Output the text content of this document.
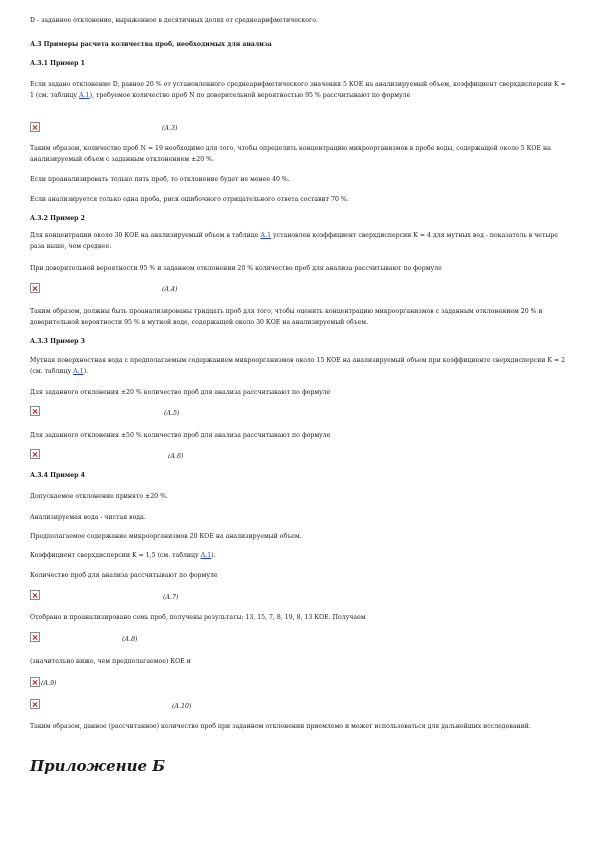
D - заданное отклонение, выраженное в десятичных долях от среднеарифметического.

А.3 Примеры расчета количества проб, необходимых для анализа

А.3.1 Пример 1

Если задано отклонение D, равное 20 % от установленного среднеарифметического значения 5 КОЕ на анализируемый объем, коэффициент сверхдисперсии K = 1 (см. таблицу А.1), требуемое количество проб N по доверительной вероятностью 95 % рассчитывают по формуле

(А.3)

Таким образом, количество проб N = 19 необходимо для того, чтобы определить концентрацию микроорганизмов в пробе воды, содержащей около 5 КОЕ на анализируемый объем с заданным отклонением ±20 %.

Если проанализировать только пять проб, то отклонение будет не менее 40 %.

Если анализируется только одна проба, риск ошибочного отрицательного ответа составит 70 %.

А.3.2 Пример 2

Для концентрации около 30 КОЕ на анализируемый объем в таблице А.1 установлен коэффициент сверхдисперсии K = 4 для мутных вод - показатель в четыре раза выше, чем среднее.

При доверительной вероятности 95 % и заданном отклонении 20 % количество проб для анализа рассчитывают по формуле

(А.4)

Таким образом, должны быть проанализированы тридцать проб для того, чтобы оценить концентрацию микроорганизмов с заданным отклонением 20 % и доверительной вероятности 95 % в мутной воде, содержащей около 30 КОЕ на анализируемый объем.

А.3.3 Пример 3

Мутная поверхностная вода с предполагаемым содержанием микроорганизмов около 15 КОЕ на анализируемый объем при коэффициенте сверхдисперсии K = 2 (см. таблицу А.1).

Для заданного отклонения ±20 % количество проб для анализа рассчитывают по формуле

(А.5)

Для заданного отклонения ±50 % количество проб для анализа рассчитывают по формуле

(А.6)

А.3.4 Пример 4

Допускаемое отклонение принято ±20 %.

Анализируемая вода - чистая вода.

Предполагаемое содержание микроорганизмов 20 КОЕ на анализируемый объем.

Коэффициент сверхдисперсии K = 1,5 (см. таблицу А.1).

Количество проб для анализа рассчитывают по формуле

(А.7)

Отобрано и проанализировано семь проб, получены результаты: 13, 15, 7, 8, 19, 8, 13 КОЕ. Получаем

(А.8)

(значительно ниже, чем предполагаемое) КОЕ и

(А.9)
(А.10)

Таким образом, данное (рассчитанное) количество проб при заданном отклонении приемлемо и может использоваться для дальнейших исследований.

Приложение Б
